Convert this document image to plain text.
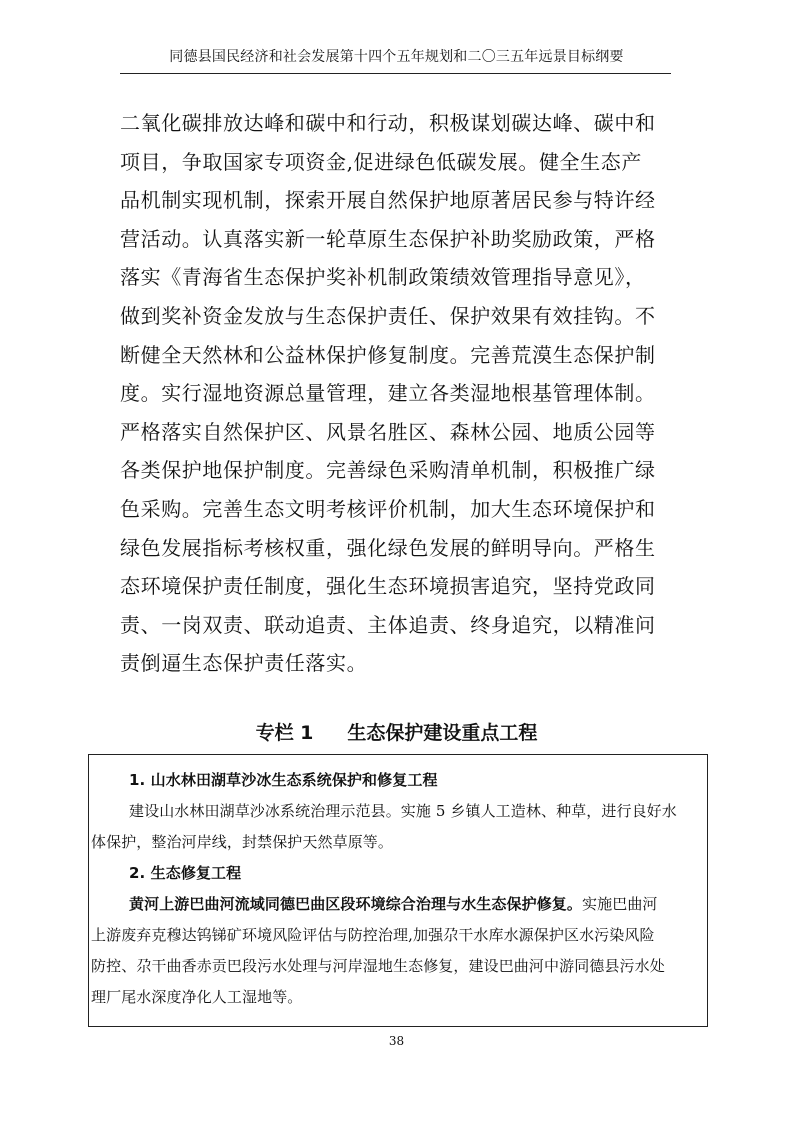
同德县国民经济和社会发展第十四个五年规划和二〇三五年远景目标纲要
二氧化碳排放达峰和碳中和行动，积极谋划碳达峰、碳中和
项目，争取国家专项资金,促进绿色低碳发展。健全生态产
品机制实现机制，探索开展自然保护地原著居民参与特许经
营活动。认真落实新一轮草原生态保护补助奖励政策，严格
落实《青海省生态保护奖补机制政策绩效管理指导意见》，
做到奖补资金发放与生态保护责任、保护效果有效挂钩。不
断健全天然林和公益林保护修复制度。完善荒漠生态保护制
度。实行湿地资源总量管理，建立各类湿地根基管理体制。
严格落实自然保护区、风景名胜区、森林公园、地质公园等
各类保护地保护制度。完善绿色采购清单机制，积极推广绿
色采购。完善生态文明考核评价机制，加大生态环境保护和
绿色发展指标考核权重，强化绿色发展的鲜明导向。严格生
态环境保护责任制度，强化生态环境损害追究，坚持党政同
责、一岗双责、联动追责、主体追责、终身追究，以精准问
责倒逼生态保护责任落实。
专栏 1 生态保护建设重点工程
1. 山水林田湖草沙冰生态系统保护和修复工程
建设山水林田湖草沙冰系统治理示范县。实施 5 乡镇人工造林、种草，进行良好水
体保护，整治河岸线，封禁保护天然草原等。
2. 生态修复工程
黄河上游巴曲河流域同德巴曲区段环境综合治理与水生态保护修复。实施巴曲河
上游废弃克穆达钨锑矿环境风险评估与防控治理,加强尕干水库水源保护区水污染风险
防控、尕干曲香赤贡巴段污水处理与河岸湿地生态修复，建设巴曲河中游同德县污水处
理厂尾水深度净化人工湿地等。
38
